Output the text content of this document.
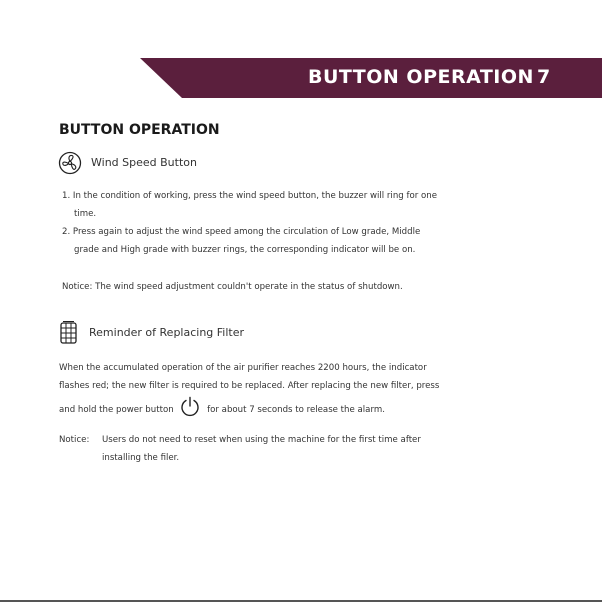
BUTTON OPERATION 7
BUTTON OPERATION
Wind Speed Button
1. In the condition of working, press the wind speed button, the buzzer will ring for one
time.
2. Press again to adjust the wind speed among the circulation of Low grade, Middle
grade and High grade with buzzer rings, the corresponding indicator will be on.
Notice: The wind speed adjustment couldn't operate in the status of shutdown.
Reminder of Replacing Filter
When the accumulated operation of the air purifier reaches 2200 hours, the indicator
flashes red; the new filter is required to be replaced. After replacing the new filter, press
and hold the power button	for about 7 seconds to release the alarm.
Notice: Users do not need to reset when using the machine for the first time after
installing the filer.
